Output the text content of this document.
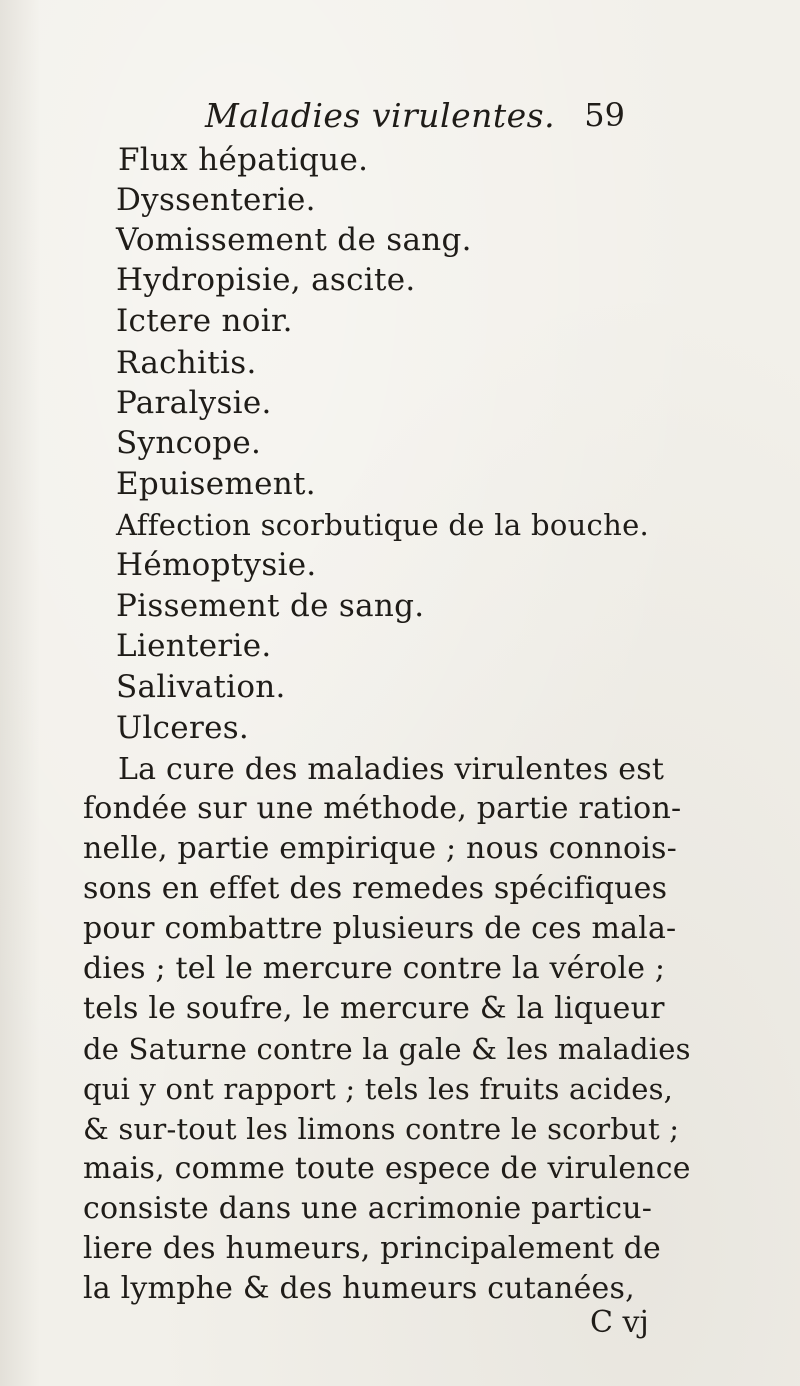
Maladies virulentes. 59
Flux hépatique.
Dyssenterie.
Vomissement de sang.
Hydropisie, ascite.
Ictere noir.
Rachitis.
Paralysie.
Syncope.
Epuisement.
Affection scorbutique de la bouche.
Hémoptysie.
Pissement de sang.
Lienterie.
Salivation.
Ulceres.
La cure des maladies virulentes est
fondée sur une méthode, partie ration-
nelle, partie empirique ; nous connois-
sons en effet des remedes spécifiques
pour combattre plusieurs de ces mala-
dies ; tel le mercure contre la vérole ;
tels le soufre, le mercure & la liqueur
de Saturne contre la gale & les maladies
qui y ont rapport ; tels les fruits acides,
& sur-tout les limons contre le scorbut ;
mais, comme toute espece de virulence
consiste dans une acrimonie particu-
liere des humeurs, principalement de
la lymphe & des humeurs cutanées,
C vj
